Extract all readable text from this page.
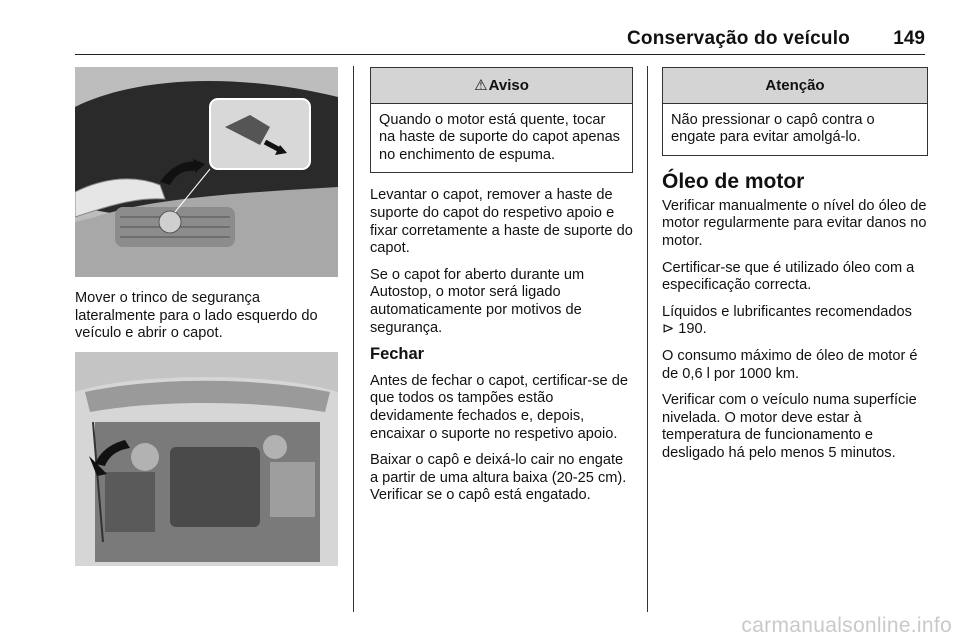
Conservação do veículo 149

Mover o trinco de segurança lateralmente para o lado esquerdo do veículo e abrir o capot.

⚠Aviso
Quando o motor está quente, tocar na haste de suporte do capot apenas no enchimento de espuma.

Levantar o capot, remover a haste de suporte do capot do respetivo apoio e fixar corretamente a haste de suporte do capot.

Se o capot for aberto durante um Autostop, o motor será ligado automaticamente por motivos de segurança.

Fechar

Antes de fechar o capot, certificar-se de que todos os tampões estão devidamente fechados e, depois, encaixar o suporte no respetivo apoio.

Baixar o capô e deixá-lo cair no engate a partir de uma altura baixa (20-25 cm). Verificar se o capô está engatado.

Atenção
Não pressionar o capô contra o engate para evitar amolgá-lo.
Óleo de motor

Verificar manualmente o nível do óleo de motor regularmente para evitar danos no motor.

Certificar-se que é utilizado óleo com a especificação correcta.

Líquidos e lubrificantes recomendados ⊳ 190.

O consumo máximo de óleo de motor é de 0,6 l por 1000 km.

Verificar com o veículo numa superfície nivelada. O motor deve estar à temperatura de funcionamento e desligado há pelo menos 5 minutos.

carmanualsonline.info
